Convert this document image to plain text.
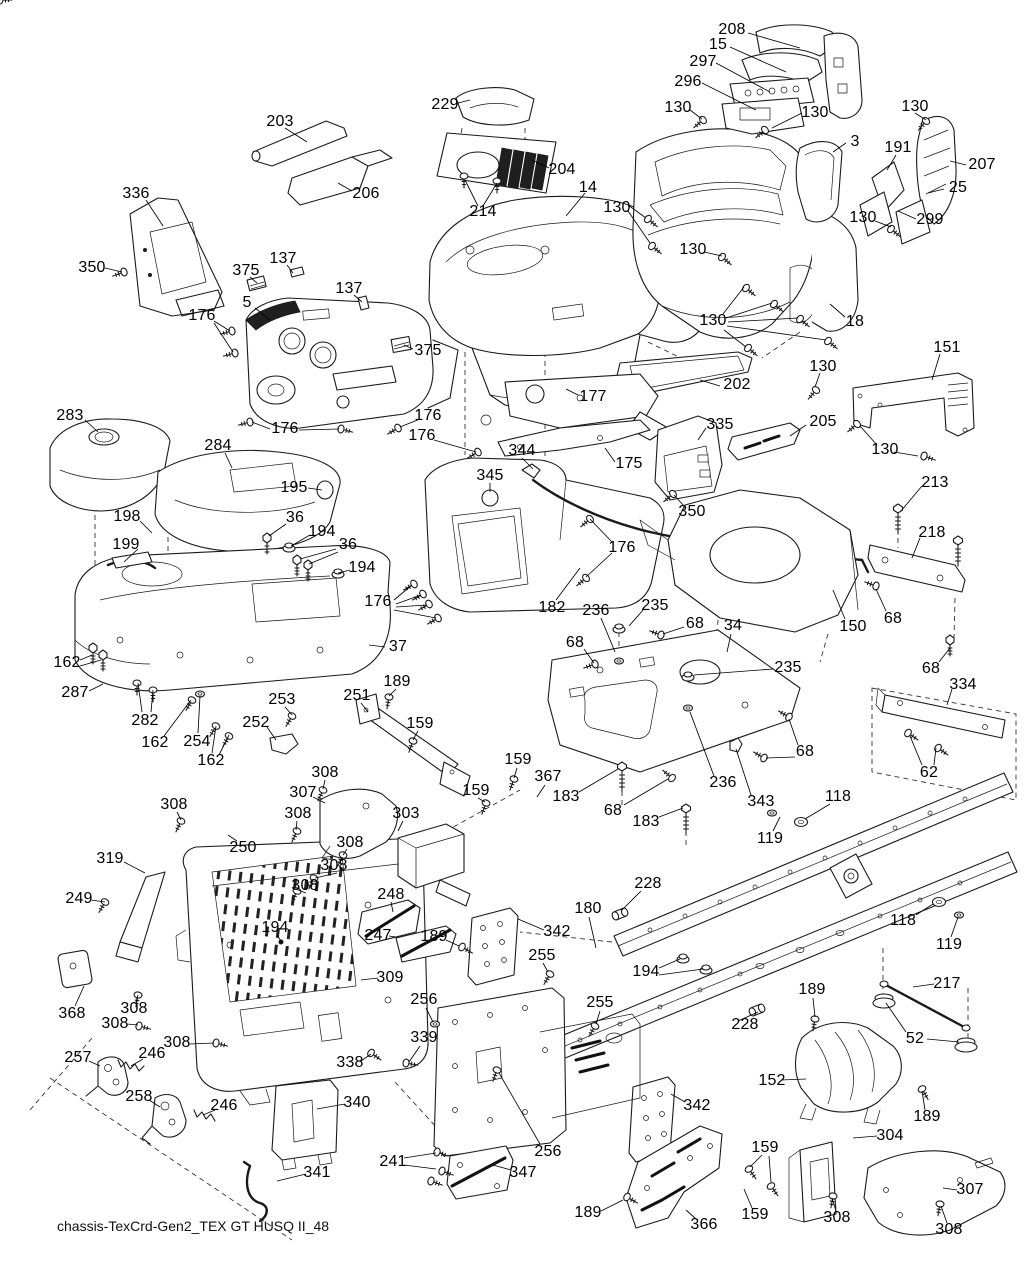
208
15
297
296
130	130
229
204
214
14
203
206
336
350	375
137
5
176
137
130
3 191
207
25
299
130
130
130
130	18
151
130
130
202
177
375
176
176
283
284
176
195
198
199
36
194
36
194
344
345
175
335	205
350
213
218
176
176	182
37
162
287
150 68
68
334
62
236 235
68 34
68
235
68
236
343
183
68
183
367
159
159	118
119
282
162 254
162
252
253	251
189
159
308
307
308
308
250	308
303
308
308
248
319
249
194	247
309
368 308
308
308
257	246
258
246
338
339
256
340
341
241
347
256
228
180
342
189
255
194
255
228
342
118
119
217
189
52
152
189
304
159
159
189
366
307
308
308
chassis-TexCrd-Gen2_TEX GT HUSQ II_48
